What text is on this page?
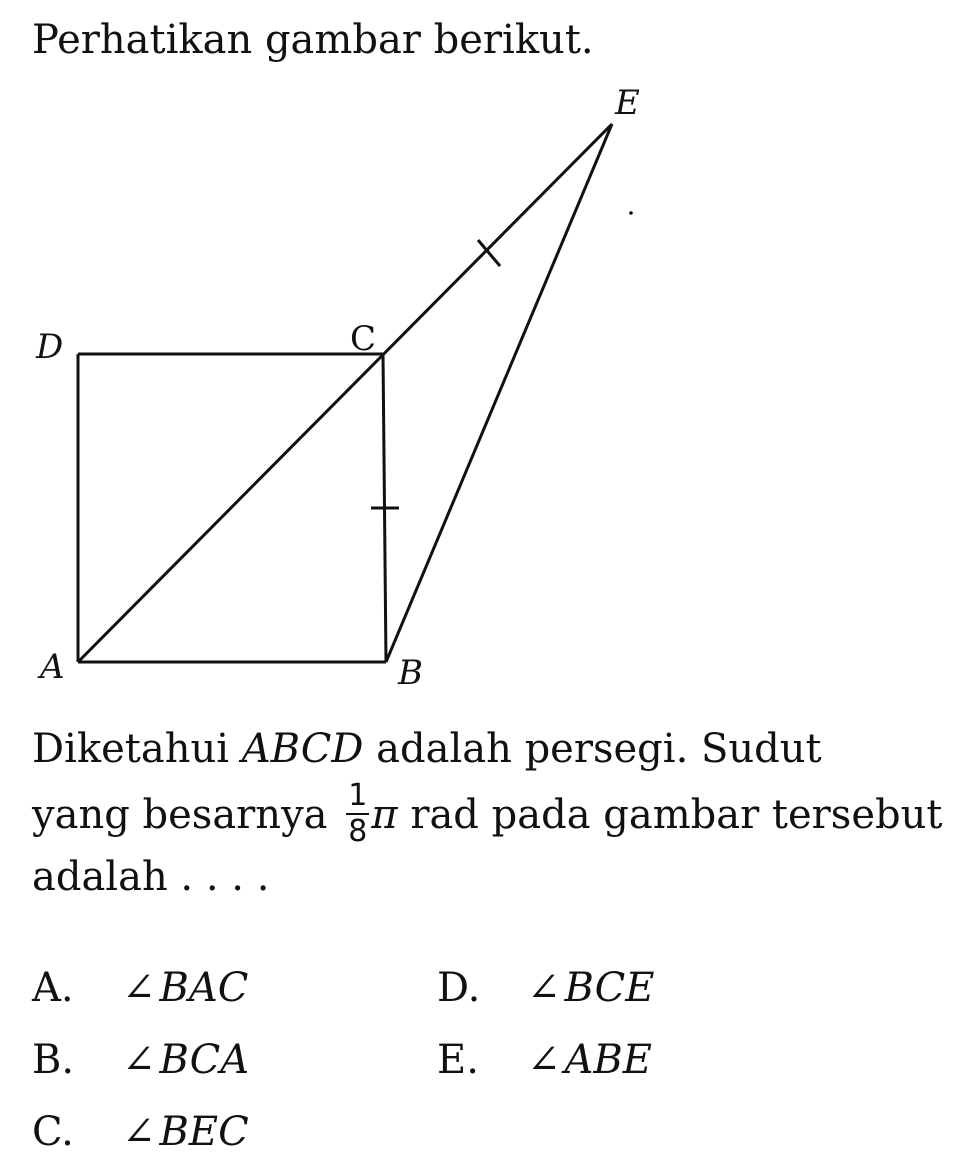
Perhatikan gambar berikut.
D	C
A	B
E
Diketahui ABCD adalah persegi. Sudut
yang besarnya $\frac{1}{8}$ π rad pada gambar tersebut
adalah . . . .
A.	∠ BAC
B.	∠ BCA
C.	∠ BEC
D.	∠ BCE
E.	∠ ABE
